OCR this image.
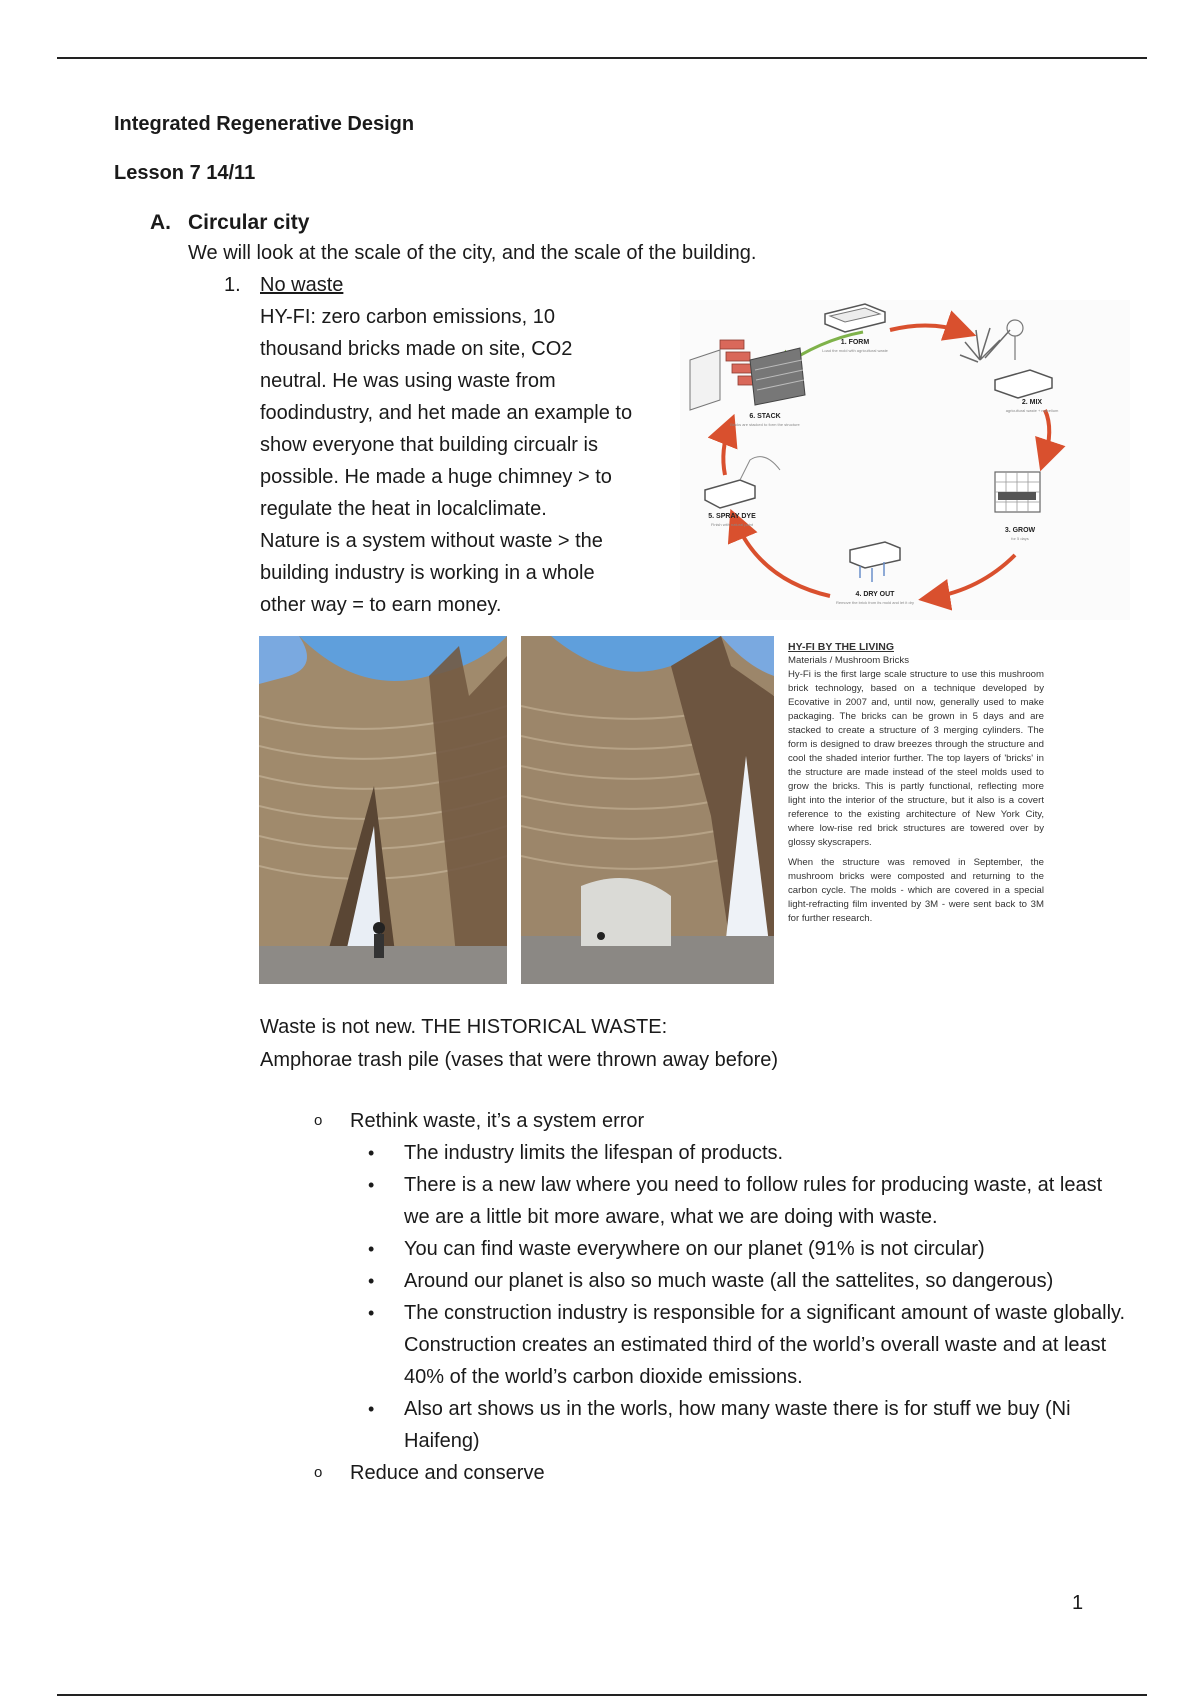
Integrated Regenerative Design
Lesson 7 14/11
A. Circular city
We will look at the scale of the city, and the scale of the building.
1. No waste
HY-FI: zero carbon emissions, 10
thousand bricks made on site, CO2
neutral. He was using waste from
foodindustry, and het made an example to
show everyone that building circualr is
possible. He made a huge chimney > to
regulate the heat in localclimate.
Nature is a system without waste > the
building industry is working in a whole
other way = to earn money.
1. FORM
Load the mold with agricultural waste
2. MIX
agricultural waste + mycelium
3. GROW
for 5 days
4. DRY OUT
Remove the brick from its mold and let it dry
5. SPRAY DYE
Finish with natural paint
6. STACK
Bricks are stacked to form the structure
HY-FI BY THE LIVING
Materials / Mushroom Bricks

Hy-Fi is the first large scale structure to use this mushroom brick technology, based on a technique developed by Ecovative in 2007 and, until now, generally used to make packaging. The bricks can be grown in 5 days and are stacked to create a structure of 3 merging cylinders. The form is designed to draw breezes through the structure and cool the shaded interior further. The top layers of 'bricks' in the structure are made instead of the steel molds used to grow the bricks. This is partly functional, reflecting more light into the interior of the structure, but it also is a covert reference to the existing architecture of New York City, where low-rise red brick structures are towered over by glossy skyscrapers.

When the structure was removed in September, the mushroom bricks were composted and returning to the carbon cycle. The molds - which are covered in a special light-refracting film invented by 3M - were sent back to 3M for further research.

Waste is not new. THE HISTORICAL WASTE:
Amphorae trash pile (vases that were thrown away before)
o Rethink waste, it’s a system error
• The industry limits the lifespan of products.
• There is a new law where you need to follow rules for producing waste, at least we are a little bit more aware, what we are doing with waste.
• You can find waste everywhere on our planet (91% is not circular)
• Around our planet is also so much waste (all the sattelites, so dangerous)
• The construction industry is responsible for a significant amount of waste globally. Construction creates an estimated third of the world’s overall waste and at least 40% of the world’s carbon dioxide emissions.
• Also art shows us in the worls, how many waste there is for stuff we buy (Ni Haifeng)
o Reduce and conserve
1
